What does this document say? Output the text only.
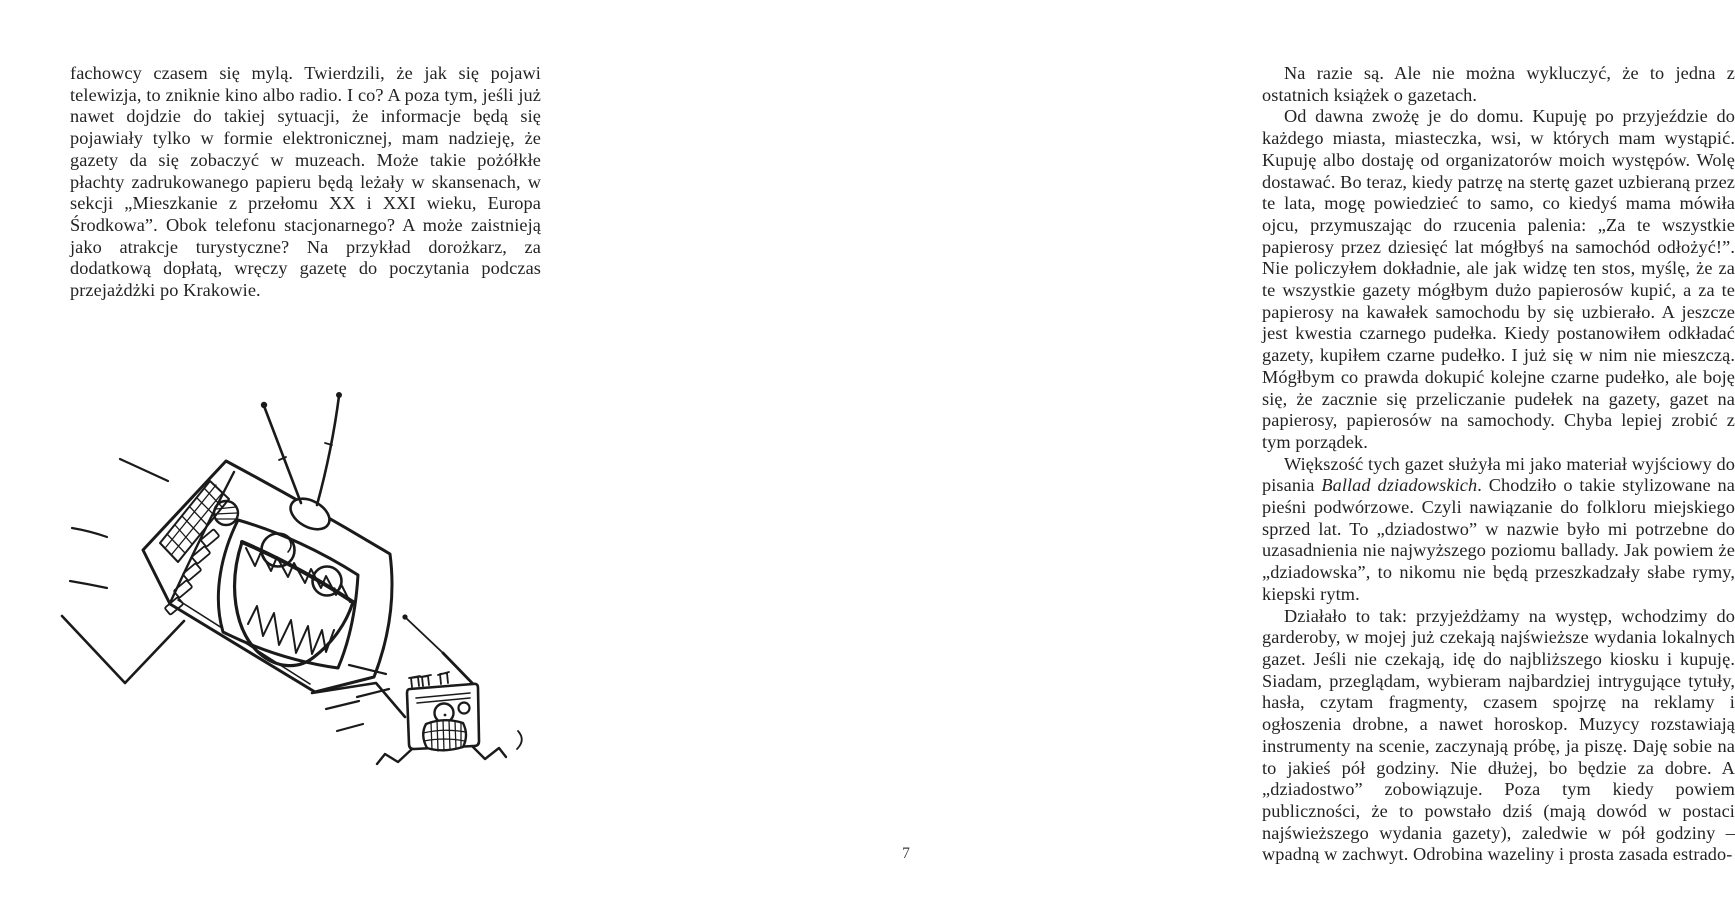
fachowcy czasem się mylą. Twierdzili, że jak się pojawi telewizja, to zniknie kino albo radio. I co? A poza tym, jeśli już nawet dojdzie do takiej sytuacji, że informacje będą się pojawiały tylko w formie elektronicznej, mam nadzieję, że gazety da się zobaczyć w muzeach. Może takie pożółkłe płachty zadrukowanego papieru będą leżały w skansenach, w sekcji „Mieszkanie z przełomu XX i XXI wieku, Europa Środkowa”. Obok telefonu stacjonarnego? A może zaistnieją jako atrakcje turystyczne? Na przykład dorożkarz, za dodatkową dopłatą, wręczy gazetę do poczytania podczas przejażdżki po Krakowie.

Na razie są. Ale nie można wykluczyć, że to jedna z ostatnich książek o gazetach.

Od dawna zwożę je do domu. Kupuję po przyjeździe do każdego miasta, miasteczka, wsi, w których mam wystąpić. Kupuję albo dostaję od organizatorów moich występów. Wolę dostawać. Bo teraz, kiedy patrzę na stertę gazet uzbieraną przez te lata, mogę powiedzieć to samo, co kiedyś mama mówiła ojcu, przymuszając do rzucenia palenia: „Za te wszystkie papierosy przez dziesięć lat mógłbyś na samochód odłożyć!”. Nie policzyłem dokładnie, ale jak widzę ten stos, myślę, że za te wszystkie gazety mógłbym dużo papierosów kupić, a za te papierosy na kawałek samochodu by się uzbierało. A jeszcze jest kwestia czarnego pudełka. Kiedy postanowiłem odkładać gazety, kupiłem czarne pudełko. I już się w nim nie mieszczą. Mógłbym co prawda dokupić kolejne czarne pudełko, ale boję się, że zacznie się przeliczanie pudełek na gazety, gazet na papierosy, papierosów na samochody. Chyba lepiej zrobić z tym porządek.

Większość tych gazet służyła mi jako materiał wyjściowy do pisania Ballad dziadowskich. Chodziło o takie stylizowane na pieśni podwórzowe. Czyli nawiązanie do folkloru miejskiego sprzed lat. To „dziadostwo” w nazwie było mi potrzebne do uzasadnienia nie najwyższego poziomu ballady. Jak powiem że „dziadowska”, to nikomu nie będą przeszkadzały słabe rymy, kiepski rytm.

Działało to tak: przyjeżdżamy na występ, wchodzimy do garderoby, w mojej już czekają najświeższe wydania lokalnych gazet. Jeśli nie czekają, idę do najbliższego kiosku i kupuję. Siadam, przeglądam, wybieram najbardziej intrygujące tytuły, hasła, czytam fragmenty, czasem spojrzę na reklamy i ogłoszenia drobne, a nawet horoskop. Muzycy rozstawiają instrumenty na scenie, zaczynają próbę, ja piszę. Daję sobie na to jakieś pół godziny. Nie dłużej, bo będzie za dobre. A „dziadostwo” zobowiązuje. Poza tym kiedy powiem publiczności, że to powstało dziś (mają dowód w postaci najświeższego wydania gazety), zaledwie w pół godziny – wpadną w zachwyt. Odrobina wazeliny i prosta zasada estrado-

7
